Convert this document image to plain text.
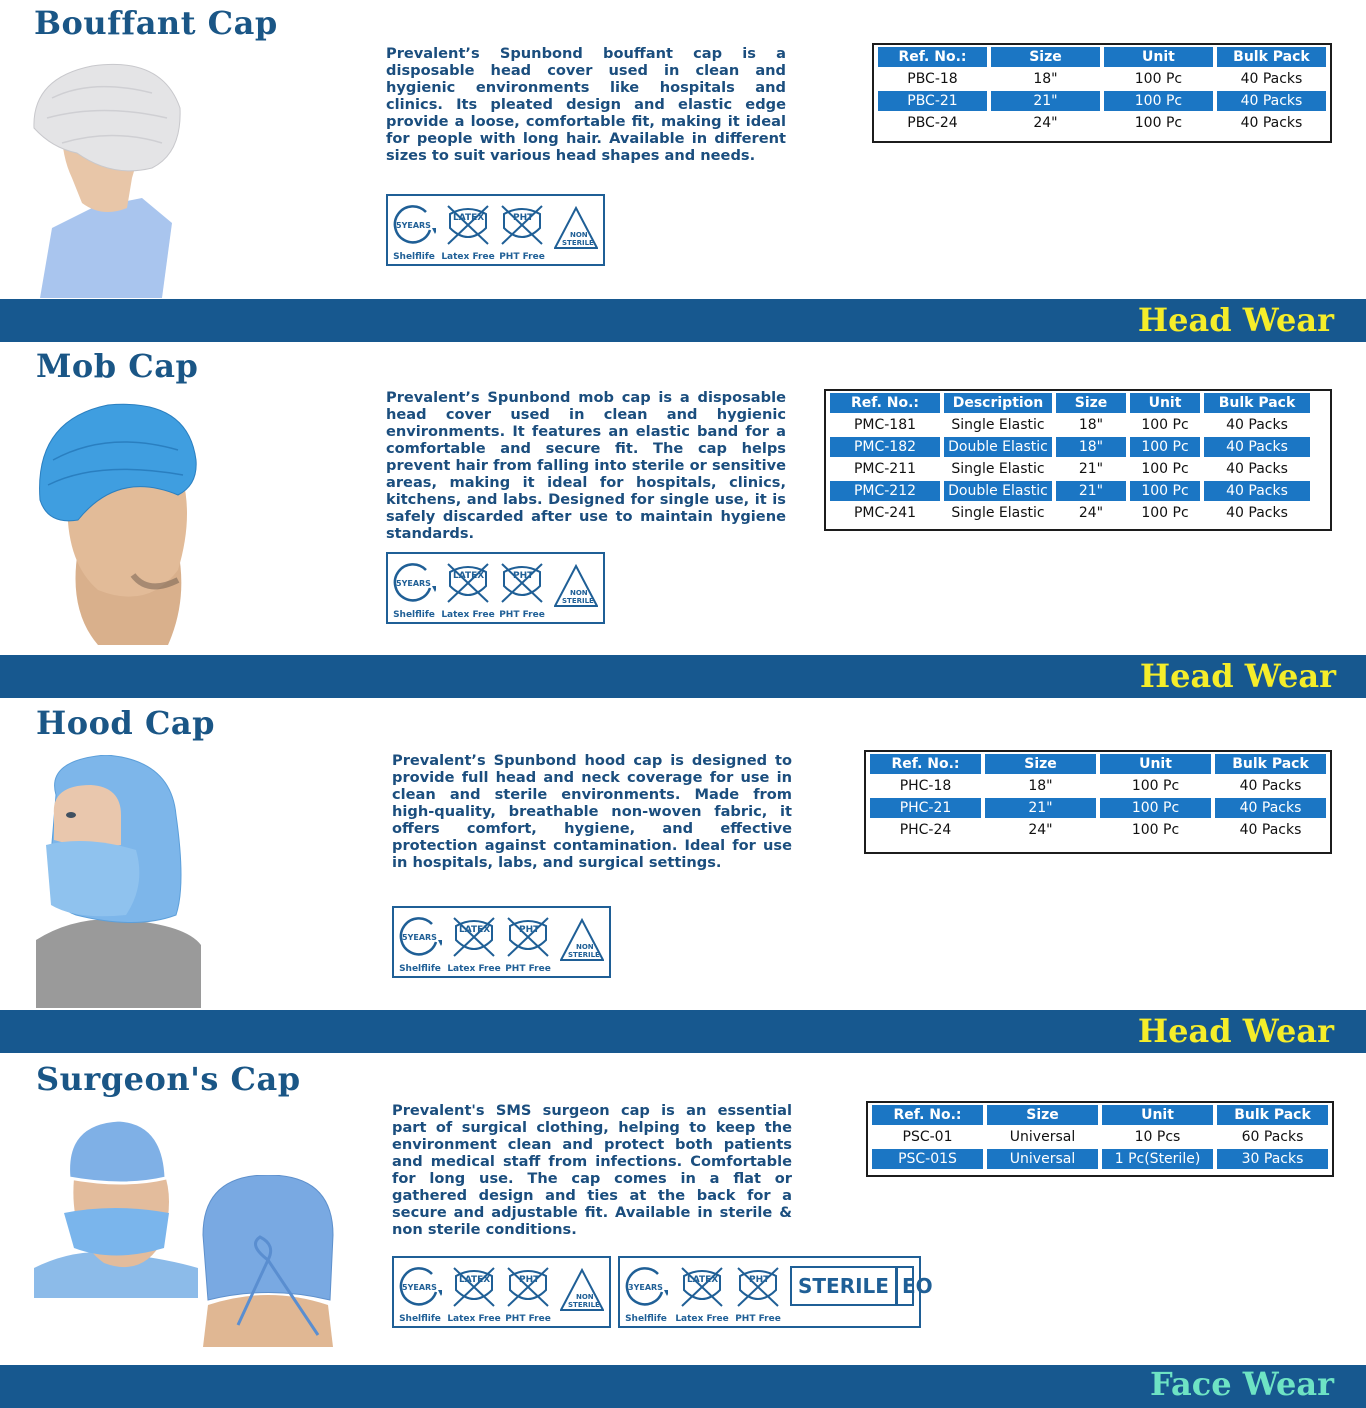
Bouffant Cap

Prevalent’s Spunbond bouffant cap is a disposable head cover used in clean and hygienic environments like hospitals and clinics. Its pleated design and elastic edge provide a loose, comfortable fit, making it ideal for people with long hair. Available in different sizes to suit various head shapes and needs.

5YEARS
Shelflife
LATEX
Latex Free
PHT
PHT Free
NON
STERILE
Ref. No.:	Size	Unit	Bulk Pack
PBC-18	18"	100 Pc	40 Packs
PBC-21	21"	100 Pc	40 Packs
PBC-24	24"	100 Pc	40 Packs
Head Wear
Mob Cap

Prevalent’s Spunbond mob cap is a disposable head cover used in clean and hygienic environments. It features an elastic band for a comfortable and secure fit. The cap helps prevent hair from falling into sterile or sensitive areas, making it ideal for hospitals, clinics, kitchens, and labs. Designed for single use, it is safely discarded after use to maintain hygiene standards.

5YEARS
Shelflife
LATEX
Latex Free
PHT
PHT Free
NON
STERILE
Ref. No.:	Description	Size	Unit	Bulk Pack
PMC-181	Single Elastic	18"	100 Pc	40 Packs
PMC-182	Double Elastic	18"	100 Pc	40 Packs
PMC-211	Single Elastic	21"	100 Pc	40 Packs
PMC-212	Double Elastic	21"	100 Pc	40 Packs
PMC-241	Single Elastic	24"	100 Pc	40 Packs
Head Wear
Hood Cap

Prevalent’s Spunbond hood cap is designed to provide full head and neck coverage for use in clean and sterile environments. Made from high-quality, breathable non-woven fabric, it offers comfort, hygiene, and effective protection against contamination. Ideal for use in hospitals, labs, and surgical settings.

5YEARS
Shelflife
LATEX
Latex Free
PHT
PHT Free
NON
STERILE
Ref. No.:	Size	Unit	Bulk Pack
PHC-18	18"	100 Pc	40 Packs
PHC-21	21"	100 Pc	40 Packs
PHC-24	24"	100 Pc	40 Packs
Head Wear
Surgeon's Cap

Prevalent's SMS surgeon cap is an essential part of surgical clothing, helping to keep the environment clean and protect both patients and medical staff from infections. Comfortable for long use. The cap comes in a flat or gathered design and ties at the back for a secure and adjustable fit. Available in sterile & non sterile conditions.

5YEARS
Shelflife
LATEX
Latex Free
PHT
PHT Free
NON
STERILE
3YEARS
Shelflife
LATEX
Latex Free
PHT
PHT Free
STERILE EO
Ref. No.:	Size	Unit	Bulk Pack
PSC-01	Universal	10 Pcs	60 Packs
PSC-01S	Universal	1 Pc(Sterile)	30 Packs
Face Wear
